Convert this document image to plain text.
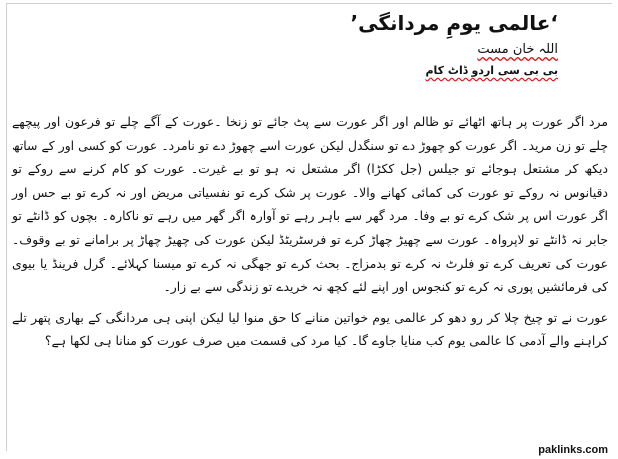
‘عالمی یومِ مردانگی’
اللہ خان مست
بی بی سی اردو ڈاٹ کام

مرد اگر عورت پر ہاتھ اٹھائے تو ظالم اور اگر عورت سے پٹ جائے تو زنخا ۔عورت کے آگے چلے تو فرعون اور پیچھے چلے تو زن مرید۔ اگر عورت کو چھوڑ دے تو سنگدل لیکن عورت اسے چھوڑ دے تو نامرد۔ عورت کو کسی اور کے ساتھ دیکھ کر مشتعل ہوجائے تو جیلس (جل ککڑا) اگر مشتعل نہ ہو تو بے غیرت۔ عورت کو کام کرنے سے روکے تو دقیانوس نہ روکے تو عورت کی کمائی کھانے والا۔ عورت پر شک کرے تو نفسیاتی مریض اور نہ کرے تو بے حس اور اگر عورت اس پر شک کرے تو بے وفا۔ مرد گھر سے باہر رہے تو آوارہ اگر گھر میں رہے تو ناکارہ۔ بچوں کو ڈانٹے تو جابر نہ ڈانٹے تو لاپرواہ۔ عورت سے چھیڑ چھاڑ کرے تو فرسٹریٹڈ لیکن عورت کی چھیڑ چھاڑ پر برامانے تو بے وقوف۔ عورت کی تعریف کرے تو فلرٹ نہ کرے تو بدمزاج۔ بحث کرے تو جھگی نہ کرے تو میسنا کہلائے۔ گرل فرینڈ یا بیوی کی فرمائشیں پوری نہ کرے تو کنجوس اور اپنے لئے کچھ نہ خریدے تو زندگی سے بے زار۔

عورت نے تو چیخ چلا کر رو دھو کر عالمی یوم خواتین منانے کا حق منوا لیا لیکن اپنی ہی مردانگی کے بھاری پتھر تلے کراہنے والے آدمی کا عالمی یوم کب منایا جاوے گا۔ کیا مرد کی قسمت میں صرف عورت کو منانا ہی لکھا ہے؟

paklinks.com
